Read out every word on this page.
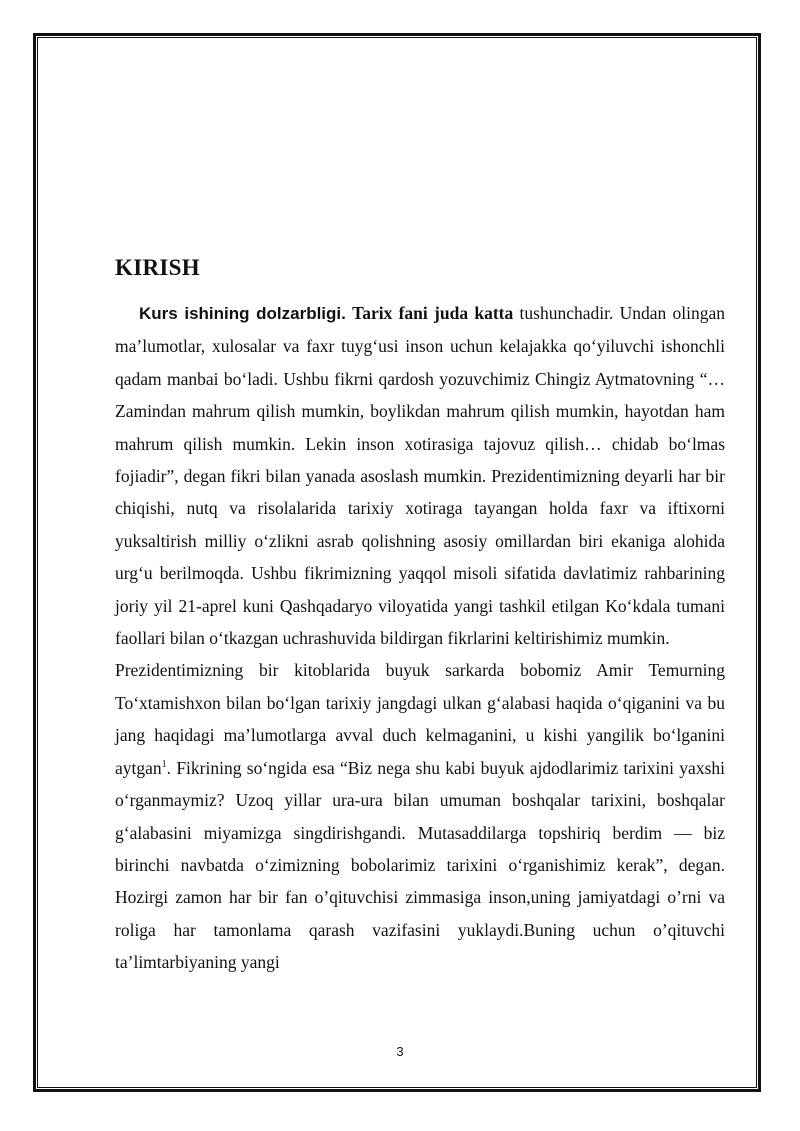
KIRISH

Kurs ishining dolzarbligi. Tarix fani juda katta tushunchadir. Undan olingan ma’lumotlar, xulosalar va faxr tuyg‘usi inson uchun kelajakka qo‘yiluvchi ishonchli qadam manbai bo‘ladi. Ushbu fikrni qardosh yozuvchimiz Chingiz Aytmatovning “…Zamindan mahrum qilish mumkin, boylikdan mahrum qilish mumkin, hayotdan ham mahrum qilish mumkin. Lekin inson xotirasiga tajovuz qilish… chidab bo‘lmas fojiadir”, degan fikri bilan yanada asoslash mumkin. Prezidentimizning deyarli har bir chiqishi, nutq va risolalarida tarixiy xotiraga tayangan holda faxr va iftixorni yuksaltirish milliy o‘zlikni asrab qolishning asosiy omillardan biri ekaniga alohida urg‘u berilmoqda. Ushbu fikrimizning yaqqol misoli sifatida davlatimiz rahbarining joriy yil 21-aprel kuni Qashqadaryo viloyatida yangi tashkil etilgan Ko‘kdala tumani faollari bilan o‘tkazgan uchrashuvida bildirgan fikrlarini keltirishimiz mumkin.

Prezidentimizning bir kitoblarida buyuk sarkarda bobomiz Amir Temurning To‘xtamishxon bilan bo‘lgan tarixiy jangdagi ulkan g‘alabasi haqida o‘qiganini va bu jang haqidagi ma’lumotlarga avval duch kelmaganini, u kishi yangilik bo‘lganini aytgan$^1$. Fikrining so‘ngida esa “Biz nega shu kabi buyuk ajdodlarimiz tarixini yaxshi o‘rganmaymiz? Uzoq yillar ura-ura bilan umuman boshqalar tarixini, boshqalar g‘alabasini miyamizga singdirishgandi. Mutasaddilarga topshiriq berdim — biz birinchi navbatda o‘zimizning bobolarimiz tarixini o‘rganishimiz kerak”, degan. Hozirgi zamon har bir fan o’qituvchisi zimmasiga inson,uning jamiyatdagi o’rni va roliga har tamonlama qarash vazifasini yuklaydi.Buning uchun o’qituvchi ta’limtarbiyaning yangi

3
